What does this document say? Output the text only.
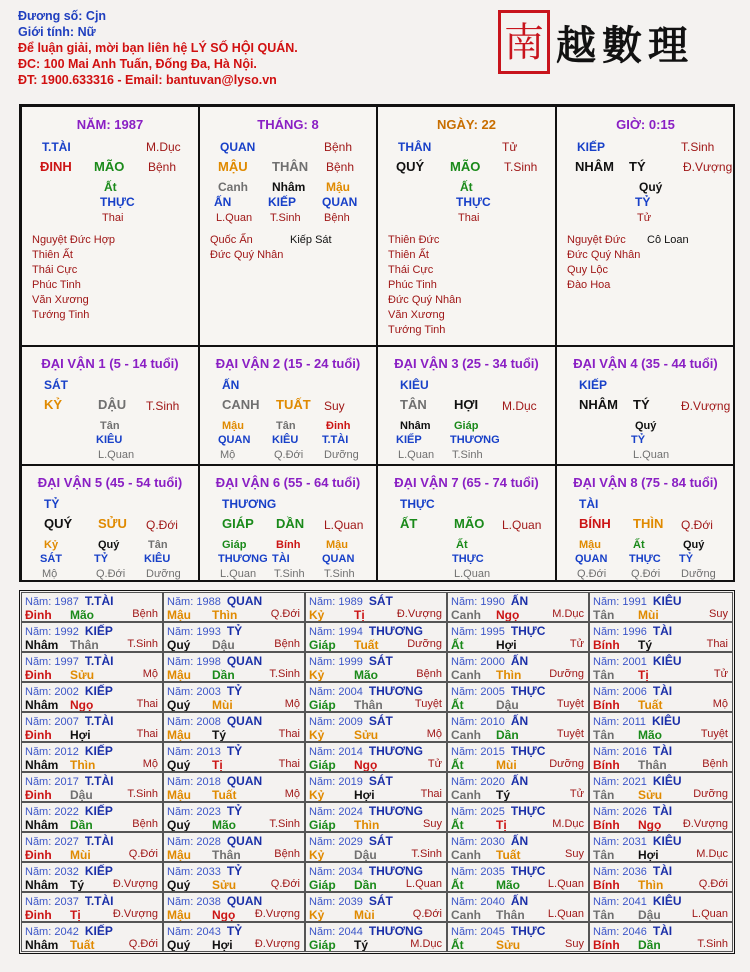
Đương số: Cjn
Giới tính: Nữ
Để luận giải, mời bạn liên hệ LÝ SỐ HỘI QUÁN.
ĐC: 100 Mai Anh Tuấn, Đống Đa, Hà Nội.
ĐT: 1900.633316 - Email: bantuvan@lyso.vn
南 越數理
NĂM: 1987
T.TÀI	M.Dục
ĐINH MÃO Bệnh
Ất
THỰC
Thai
Nguyệt Đức Hợp
Thiên Ất
Thái Cực
Phúc Tinh
Văn Xương
Tướng Tinh
THÁNG: 8
QUAN	Bệnh
MẬU THÂN Bệnh
Canh
ẤN
L.Quan
Nhâm
KIẾP
T.Sinh
Mậu
QUAN
Bệnh
Quốc Ấn
Đức Quý Nhân
Kiếp Sát
NGÀY: 22
THÂN	Tử
QUÝ MÃO T.Sinh
Ất
THỰC
Thai
Thiên Đức
Thiên Ất
Thái Cực
Phúc Tinh
Đức Quý Nhân
Văn Xương
Tướng Tinh
GIỜ: 0:15
KIẾP	T.Sinh
NHÂM TÝ	Đ.Vượng
Quý
TỶ
Tử
Nguyệt Đức
Đức Quý Nhân
Quy Lộc
Đào Hoa
Cô Loan
ĐẠI VẬN 1 (5 - 14 tuổi)
SÁT
KỶ	DẬU T.Sinh
Tân
KIÊU
L.Quan
ĐẠI VẬN 2 (15 - 24 tuổi)
ẤN
CANH TUẤT Suy
Mậu
QUAN
Mộ
Tân
KIÊU
Q.Đới
Đinh
T.TÀI
Dưỡng
ĐẠI VẬN 3 (25 - 34 tuổi)
KIÊU
TÂN HỢI M.Dục
Nhâm
KIẾP
L.Quan
Giáp
THƯƠNG
T.Sinh
ĐẠI VẬN 4 (35 - 44 tuổi)
KIẾP
NHÂM TÝ	Đ.Vượng
Quý
TỶ
L.Quan
ĐẠI VẬN 5 (45 - 54 tuổi)
TỶ
QUÝ SỬU Q.Đới
Kỷ
SÁT
Mộ
Quý
TỶ
Q.Đới
Tân
KIÊU
Dưỡng
ĐẠI VẬN 6 (55 - 64 tuổi)
THƯƠNG
GIÁP DẦN L.Quan
Giáp
THƯƠNG
L.Quan
Bính
TÀI
T.Sinh
Mậu
QUAN
T.Sinh
ĐẠI VẬN 7 (65 - 74 tuổi)
THỰC
ẤT	MÃO L.Quan
Ất
THỰC
L.Quan
ĐẠI VẬN 8 (75 - 84 tuổi)
TÀI
BÍNH THÌN Q.Đới
Mậu
QUAN
Q.Đới
Ất
THỰC
Q.Đới
Quý
TỶ
Dưỡng
Năm: 1987 T.TÀI
Đinh Mão	Bệnh
Năm: 1988 QUAN
Mậu Thìn	Q.Đới
Năm: 1989 SÁT
Kỷ Tị	Đ.Vượng
Năm: 1990 ẤN
Canh Ngọ	M.Dục
Năm: 1991 KIÊU
Tân Mùi	Suy
Năm: 1992 KIẾP
Nhâm Thân	T.Sinh
Năm: 1993 TỶ
Quý Dậu	Bệnh
Năm: 1994 THƯƠNG
Giáp Tuất	Dưỡng
Năm: 1995 THỰC
Ất	Hợi	Tử
Năm: 1996 TÀI
Bính Tý	Thai
Năm: 1997 T.TÀI
Đinh Sửu	Mộ
Năm: 1998 QUAN
Mậu Dần	T.Sinh
Năm: 1999 SÁT
Kỷ Mão	Bệnh
Năm: 2000 ẤN
Canh Thìn	Dưỡng
Năm: 2001 KIÊU
Tân Tị	Tử
Năm: 2002 KIẾP
Nhâm Ngọ	Thai
Năm: 2003 TỶ
Quý Mùi	Mộ
Năm: 2004 THƯƠNG
Giáp Thân	Tuyệt
Năm: 2005 THỰC
Ất	Dậu	Tuyệt
Năm: 2006 TÀI
Bính Tuất	Mộ
Năm: 2007 T.TÀI
Đinh Hợi	Thai
Năm: 2008 QUAN
Mậu Tý	Thai
Năm: 2009 SÁT
Kỷ Sửu	Mộ
Năm: 2010 ẤN
Canh Dần	Tuyệt
Năm: 2011 KIÊU
Tân Mão	Tuyệt
Năm: 2012 KIẾP
Nhâm Thìn	Mộ
Năm: 2013 TỶ
Quý Tị	Thai
Năm: 2014 THƯƠNG
Giáp Ngọ	Tử
Năm: 2015 THỰC
Ất	Mùi	Dưỡng
Năm: 2016 TÀI
Bính Thân	Bệnh
Năm: 2017 T.TÀI
Đinh Dậu	T.Sinh
Năm: 2018 QUAN
Mậu Tuất	Mộ
Năm: 2019 SÁT
Kỷ Hợi	Thai
Năm: 2020 ẤN
Canh Tý	Tử
Năm: 2021 KIÊU
Tân Sửu	Dưỡng
Năm: 2022 KIẾP
Nhâm Dần	Bệnh
Năm: 2023 TỶ
Quý Mão	T.Sinh
Năm: 2024 THƯƠNG
Giáp Thìn	Suy
Năm: 2025 THỰC
Ất	Tị	M.Dục
Năm: 2026 TÀI
Bính Ngọ Đ.Vượng
Năm: 2027 T.TÀI
Đinh Mùi	Q.Đới
Năm: 2028 QUAN
Mậu Thân	Bệnh
Năm: 2029 SÁT
Kỷ Dậu	T.Sinh
Năm: 2030 ẤN
Canh Tuất	Suy
Năm: 2031 KIÊU
Tân Hợi	M.Dục
Năm: 2032 KIẾP
Nhâm Tý	Đ.Vượng
Năm: 2033 TỶ
Quý Sửu	Q.Đới
Năm: 2034 THƯƠNG
Giáp Dần	L.Quan
Năm: 2035 THỰC
Ất	Mão	L.Quan
Năm: 2036 TÀI
Bính Thìn	Q.Đới
Năm: 2037 T.TÀI
Đinh Tị	Đ.Vượng
Năm: 2038 QUAN
Mậu Ngọ Đ.Vượng
Năm: 2039 SÁT
Kỷ Mùi	Q.Đới
Năm: 2040 ẤN
Canh Thân L.Quan
Năm: 2041 KIÊU
Tân Dậu	L.Quan
Năm: 2042 KIẾP
Nhâm Tuất	Q.Đới
Năm: 2043 TỶ
Quý Hợi Đ.Vượng
Năm: 2044 THƯƠNG
Giáp Tý	M.Dục
Năm: 2045 THỰC
Ất	Sửu	Suy
Năm: 2046 TÀI
Bính Dần	T.Sinh
